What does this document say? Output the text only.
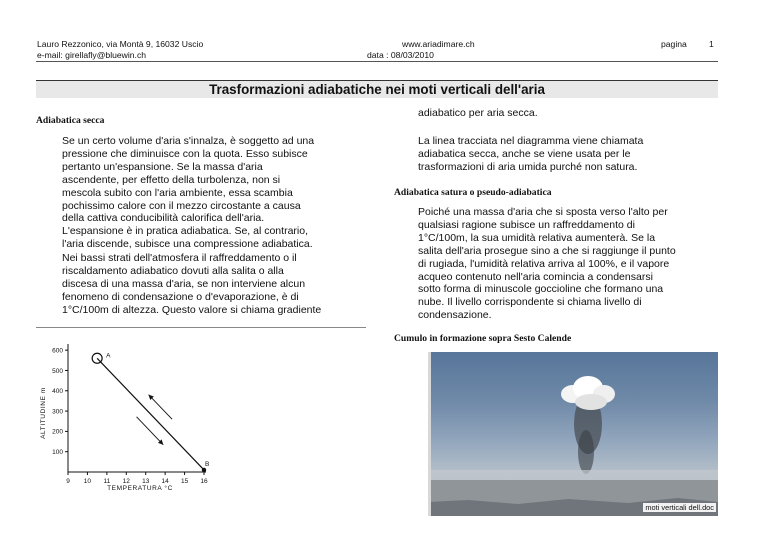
Lauro Rezzonico, via Montà 9, 16032 Uscio
e-mail: girellafly@bluewin.ch
www.ariadimare.ch
data : 08/03/2010
pagina	1
Trasformazioni adiabatiche nei moti verticali dell'aria
Adiabatica secca
Se un certo volume d'aria s'innalza, è soggetto ad una
pressione che diminuisce con la quota. Esso subisce
pertanto un'espansione. Se la massa d'aria
ascendente, per effetto della turbolenza, non si
mescola subito con l'aria ambiente, essa scambia
pochissimo calore con il mezzo circostante a causa
della cattiva conducibilità calorifica dell'aria.
L'espansione è in pratica adiabatica. Se, al contrario,
l'aria discende, subisce una compressione adiabatica.
Nei bassi strati dell'atmosfera il raffreddamento o il
riscaldamento adiabatico dovuti alla salita o alla
discesa di una massa d'aria, se non interviene alcun
fenomeno di condensazione o d'evaporazione, è di
1°C/100m di altezza. Questo valore si chiama gradiente
adiabatico per aria secca.
La linea tracciata nel diagramma viene chiamata
adiabatica secca, anche se viene usata per le
trasformazioni di aria umida purché non satura.
Adiabatica satura o pseudo-adiabatica
Poiché una massa d'aria che si sposta verso l'alto per
qualsiasi ragione subisce un raffreddamento di
1°C/100m, la sua umidità relativa aumenterà. Se la
salita dell'aria prosegue sino a che si raggiunge il punto
di rugiada, l'umidità relativa arriva al 100%, e il vapore
acqueo contenuto nell'aria comincia a condensarsi
sotto forma di minuscole goccioline che formano una
nube. Il livello corrispondente si chiama livello di
condensazione.
Cumulo in formazione sopra Sesto Calende
moti verticali dell.doc
ALTITUDINE m
TEMPERATURA °C
100
200
300
400
500
600
9 10 11 12 13 14 15 16
A
B
